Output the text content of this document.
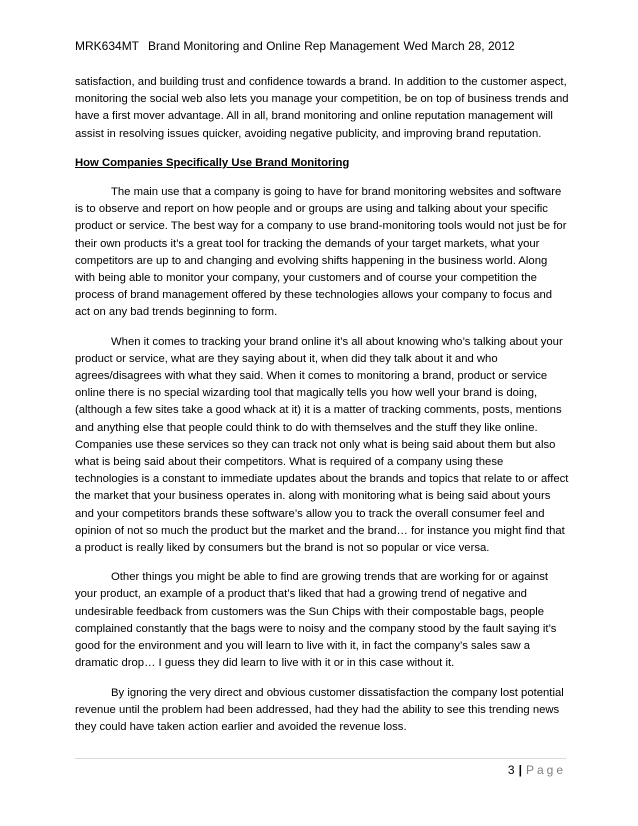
MRK634MT Brand Monitoring and Online Rep Management Wed March 28, 2012

satisfaction, and building trust and confidence towards a brand. In addition to the customer aspect, monitoring the social web also lets you manage your competition, be on top of business trends and have a first mover advantage. All in all, brand monitoring and online reputation management will assist in resolving issues quicker, avoiding negative publicity, and improving brand reputation.

How Companies Specifically Use Brand Monitoring

The main use that a company is going to have for brand monitoring websites and software is to observe and report on how people and or groups are using and talking about your specific product or service. The best way for a company to use brand-monitoring tools would not just be for their own products it’s a great tool for tracking the demands of your target markets, what your competitors are up to and changing and evolving shifts happening in the business world. Along with being able to monitor your company, your customers and of course your competition the process of brand management offered by these technologies allows your company to focus and act on any bad trends beginning to form.

When it comes to tracking your brand online it’s all about knowing who’s talking about your product or service, what are they saying about it, when did they talk about it and who agrees/disagrees with what they said. When it comes to monitoring a brand, product or service online there is no special wizarding tool that magically tells you how well your brand is doing, (although a few sites take a good whack at it) it is a matter of tracking comments, posts, mentions and anything else that people could think to do with themselves and the stuff they like online. Companies use these services so they can track not only what is being said about them but also what is being said about their competitors. What is required of a company using these technologies is a constant to immediate updates about the brands and topics that relate to or affect the market that your business operates in. along with monitoring what is being said about yours and your competitors brands these software’s allow you to track the overall consumer feel and opinion of not so much the product but the market and the brand… for instance you might find that a product is really liked by consumers but the brand is not so popular or vice versa.

Other things you might be able to find are growing trends that are working for or against your product, an example of a product that’s liked that had a growing trend of negative and undesirable feedback from customers was the Sun Chips with their compostable bags, people complained constantly that the bags were to noisy and the company stood by the fault saying it’s good for the environment and you will learn to live with it, in fact the company’s sales saw a dramatic drop… I guess they did learn to live with it or in this case without it.

By ignoring the very direct and obvious customer dissatisfaction the company lost potential revenue until the problem had been addressed, had they had the ability to see this trending news they could have taken action earlier and avoided the revenue loss.

3 | Page
